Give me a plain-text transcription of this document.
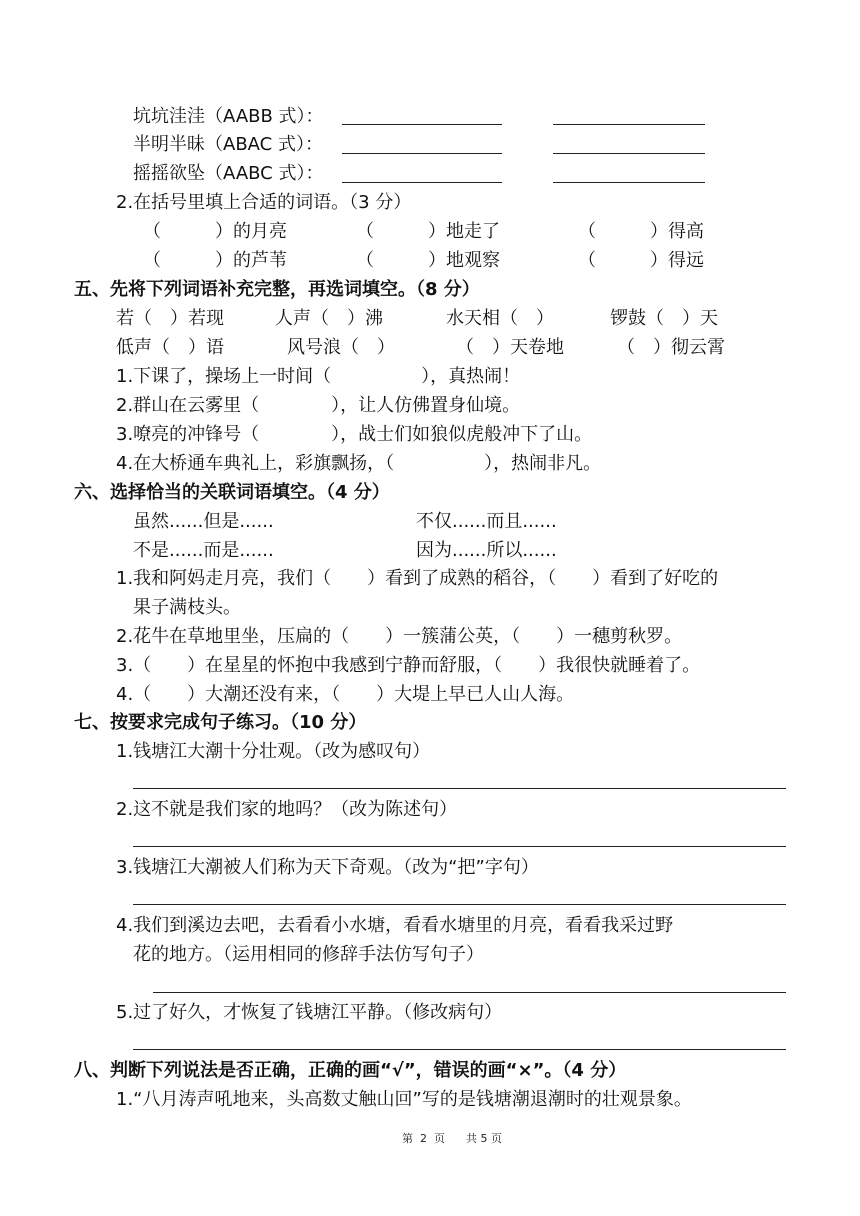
坑坑洼洼（AABB 式）：
半明半昧（ABAC 式）：
摇摇欲坠（AABC 式）：
2.在括号里填上合适的词语。（3 分）
（　　　）的月亮	（　　　）地走了	（　　　）得高
（　　　）的芦苇	（　　　）地观察	（　　　）得远
五、先将下列词语补充完整，再选词填空。（8 分）
若（　）若现	人声（　）沸	水天相（　）	锣鼓（　）天
低声（　）语	风号浪（　）	（　）天卷地	（　）彻云霄
1.下课了，操场上一时间（　　　　　），真热闹！
2.群山在云雾里（　　　　），让人仿佛置身仙境。
3.嘹亮的冲锋号（　　　　），战士们如狼似虎般冲下了山。
4.在大桥通车典礼上，彩旗飘扬，（　　　　　），热闹非凡。
六、选择恰当的关联词语填空。（4 分）
虽然......但是......	不仅......而且......
不是......而是......	因为......所以......
1.我和阿妈走月亮，我们（　　）看到了成熟的稻谷，（　　）看到了好吃的
果子满枝头。
2.花牛在草地里坐，压扁的（　　）一簇蒲公英，（　　）一穗剪秋罗。
3.（　　）在星星的怀抱中我感到宁静而舒服，（　　）我很快就睡着了。
4.（　　）大潮还没有来，（　　）大堤上早已人山人海。
七、按要求完成句子练习。（10 分）
1.钱塘江大潮十分壮观。（改为感叹句）
2.这不就是我们家的地吗？（改为陈述句）
3.钱塘江大潮被人们称为天下奇观。（改为“把”字句）
4.我们到溪边去吧，去看看小水塘，看看水塘里的月亮，看看我采过野
花的地方。（运用相同的修辞手法仿写句子）
5.过了好久，才恢复了钱塘江平静。（修改病句）
八、判断下列说法是否正确，正确的画“√”，错误的画“×”。（4 分）
1.“八月涛声吼地来，头高数丈触山回”写的是钱塘潮退潮时的壮观景象。
第  2  页      共 5 页
